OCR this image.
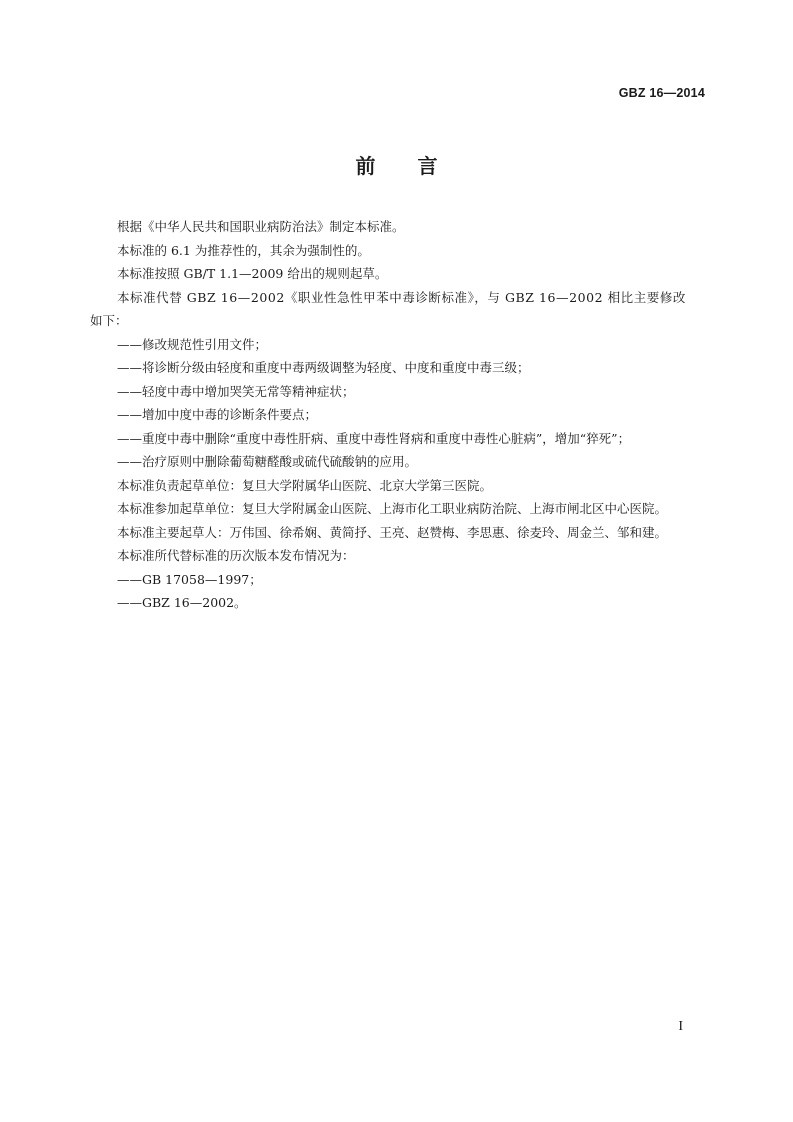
GBZ 16—2014
前言
根据《中华人民共和国职业病防治法》制定本标准。
本标准的 6.1 为推荐性的，其余为强制性的。
本标准按照 GB/T 1.1—2009 给出的规则起草。
本标准代替 GBZ 16—2002《职业性急性甲苯中毒诊断标准》，与 GBZ 16—2002 相比主要修改
如下：
——修改规范性引用文件；
——将诊断分级由轻度和重度中毒两级调整为轻度、中度和重度中毒三级；
——轻度中毒中增加哭笑无常等精神症状；
——增加中度中毒的诊断条件要点；
——重度中毒中删除“重度中毒性肝病、重度中毒性肾病和重度中毒性心脏病”，增加“猝死”；
——治疗原则中删除葡萄糖醛酸或硫代硫酸钠的应用。
本标准负责起草单位：复旦大学附属华山医院、北京大学第三医院。
本标准参加起草单位：复旦大学附属金山医院、上海市化工职业病防治院、上海市闸北区中心医院。
本标准主要起草人：万伟国、徐希娴、黄简抒、王亮、赵赞梅、李思惠、徐麦玲、周金兰、邹和建。
本标准所代替标准的历次版本发布情况为：
——GB 17058—1997；
——GBZ 16—2002。
I
